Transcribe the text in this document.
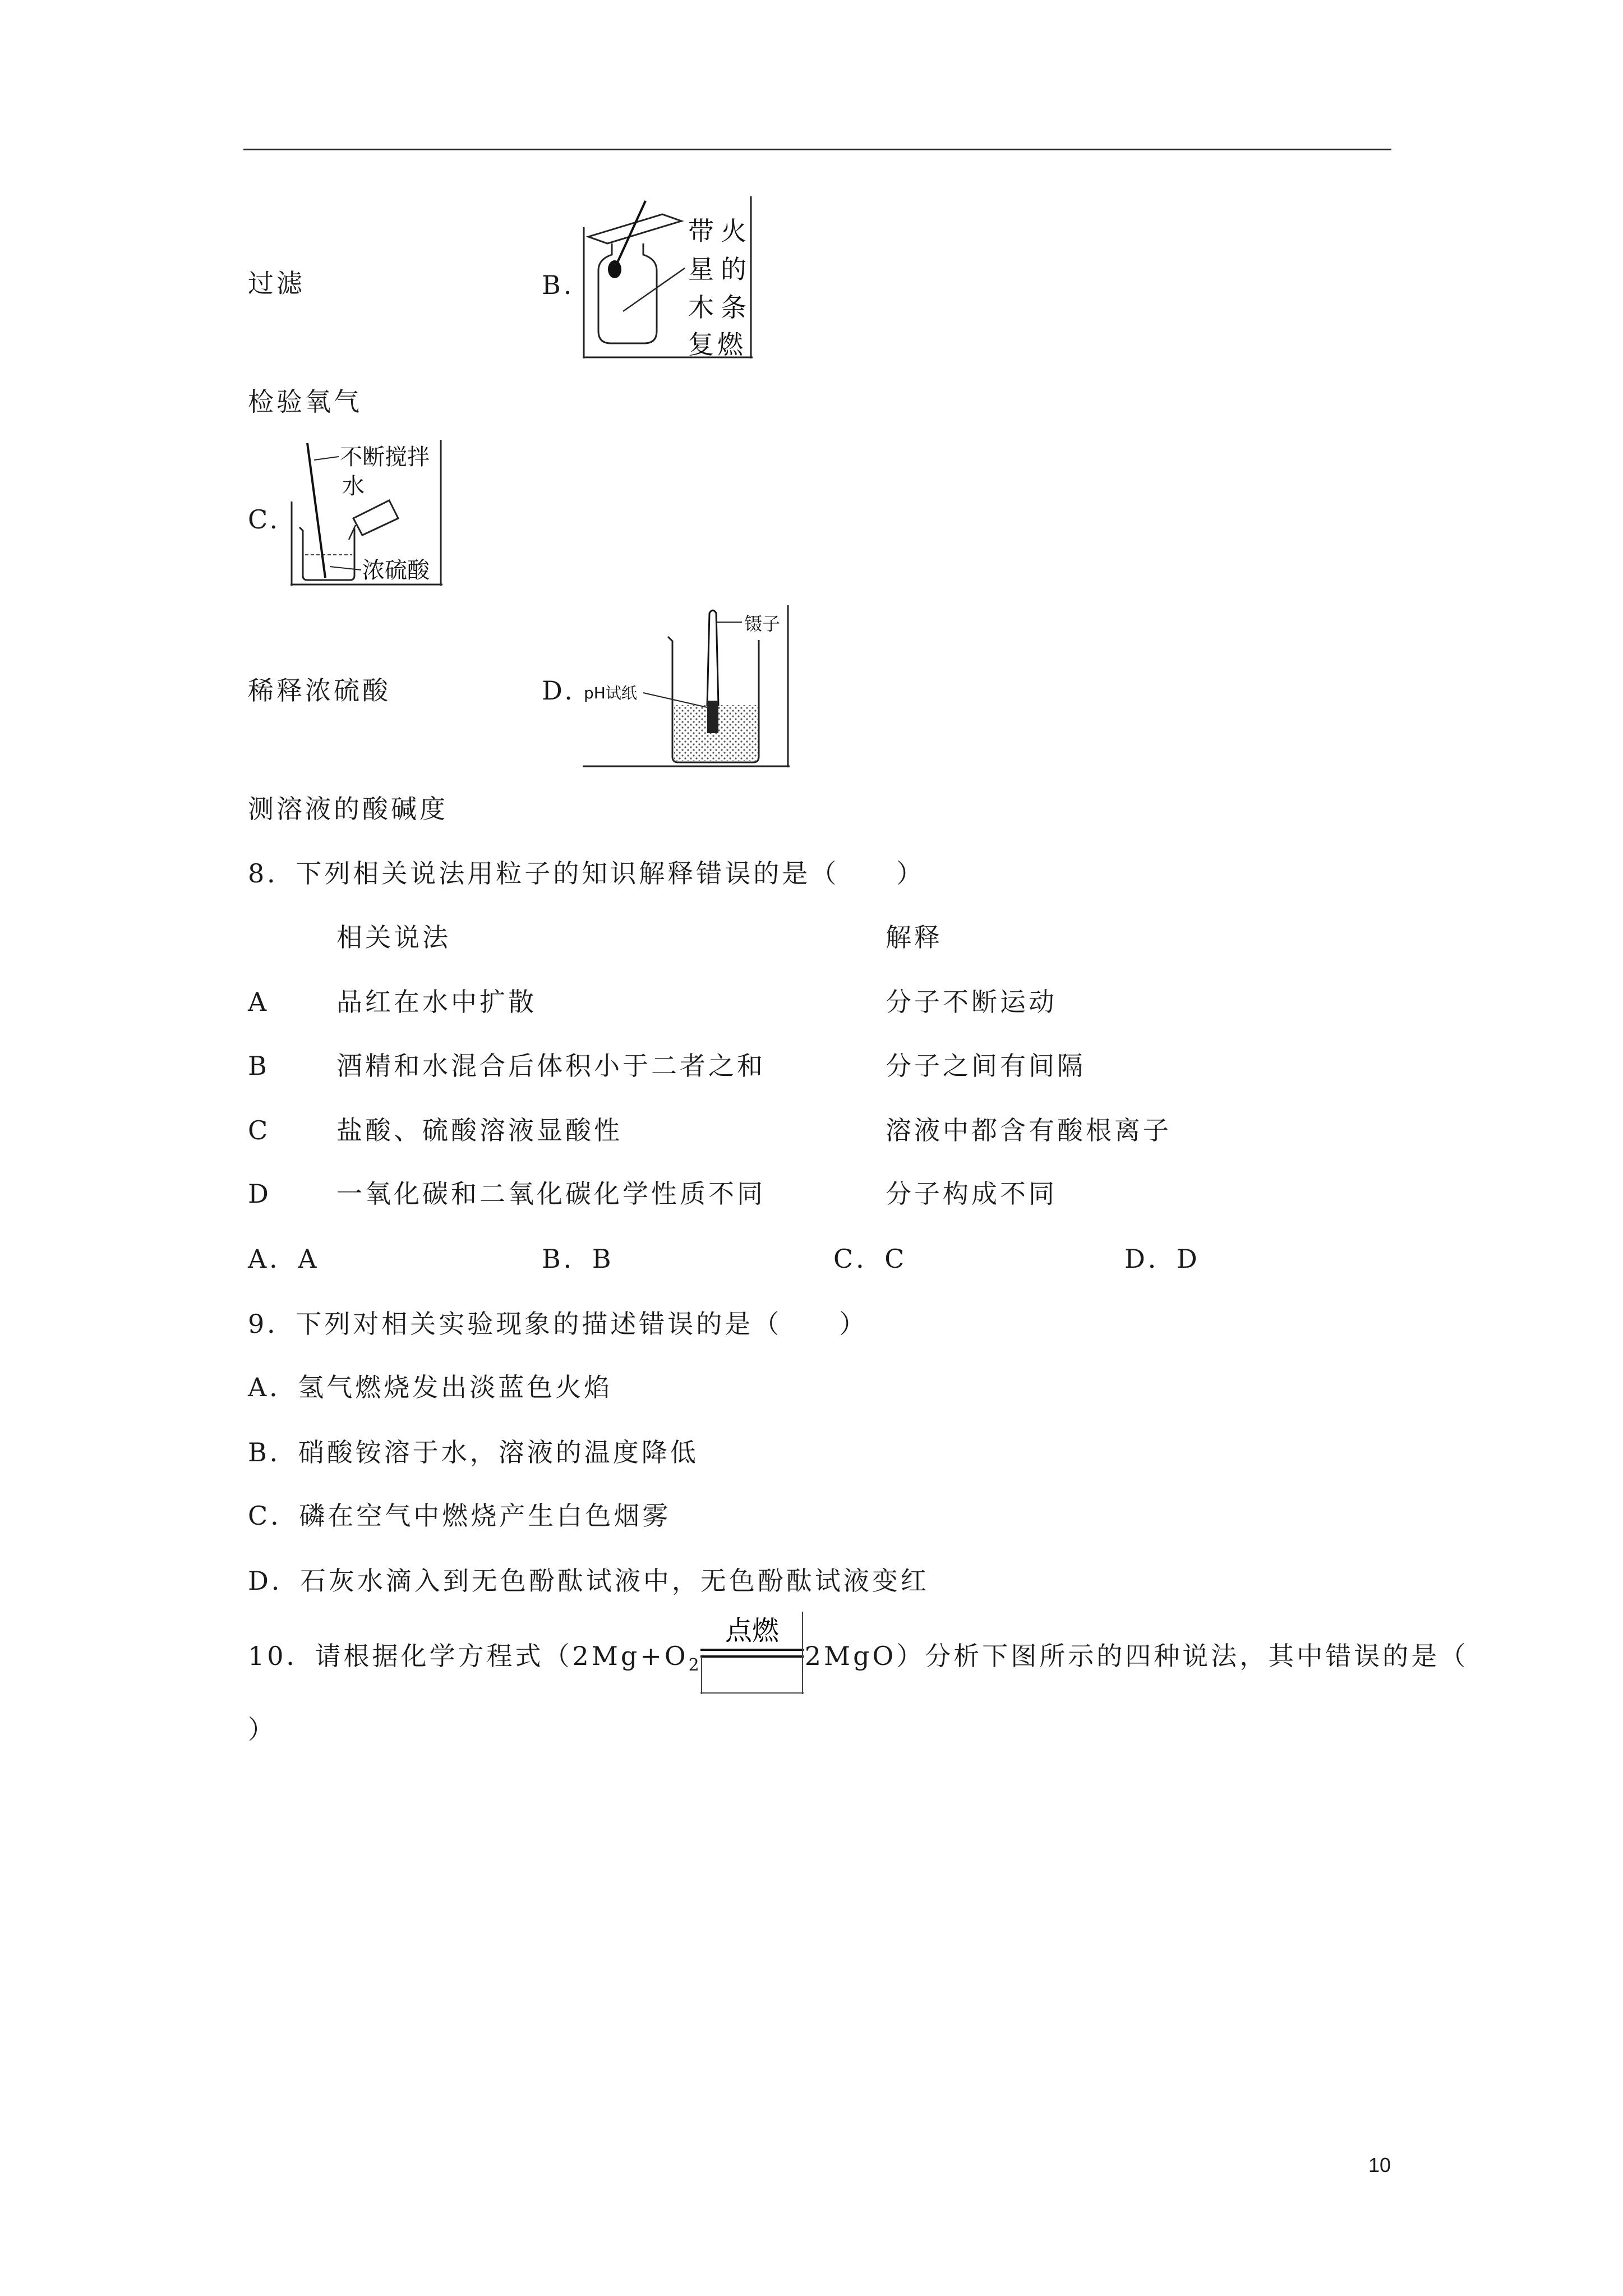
过滤	B.
带 火
星 的
木 条
复 燃
检验氧气
C.
不断搅拌
水
浓硫酸
稀释浓硫酸	D.
镊子
pH试纸
测溶液的酸碱度
8．下列相关说法用粒子的知识解释错误的是（　　）
相关说法	解释
A	品红在水中扩散	分子不断运动
B	酒精和水混合后体积小于二者之和	分子之间有间隔
C	盐酸、硫酸溶液显酸性	溶液中都含有酸根离子
D	一氧化碳和二氧化碳化学性质不同	分子构成不同
A．A	B．B	C．C	D．D
9．下列对相关实验现象的描述错误的是（　　）
A．氢气燃烧发出淡蓝色火焰
B．硝酸铵溶于水，溶液的温度降低
C．磷在空气中燃烧产生白色烟雾
D．石灰水滴入到无色酚酞试液中，无色酚酞试液变红
10．请根据化学方程式（$2Mg+O_2$
点燃
2MgO）分析下图所示的四种说法，其中错误的是（
）
10
